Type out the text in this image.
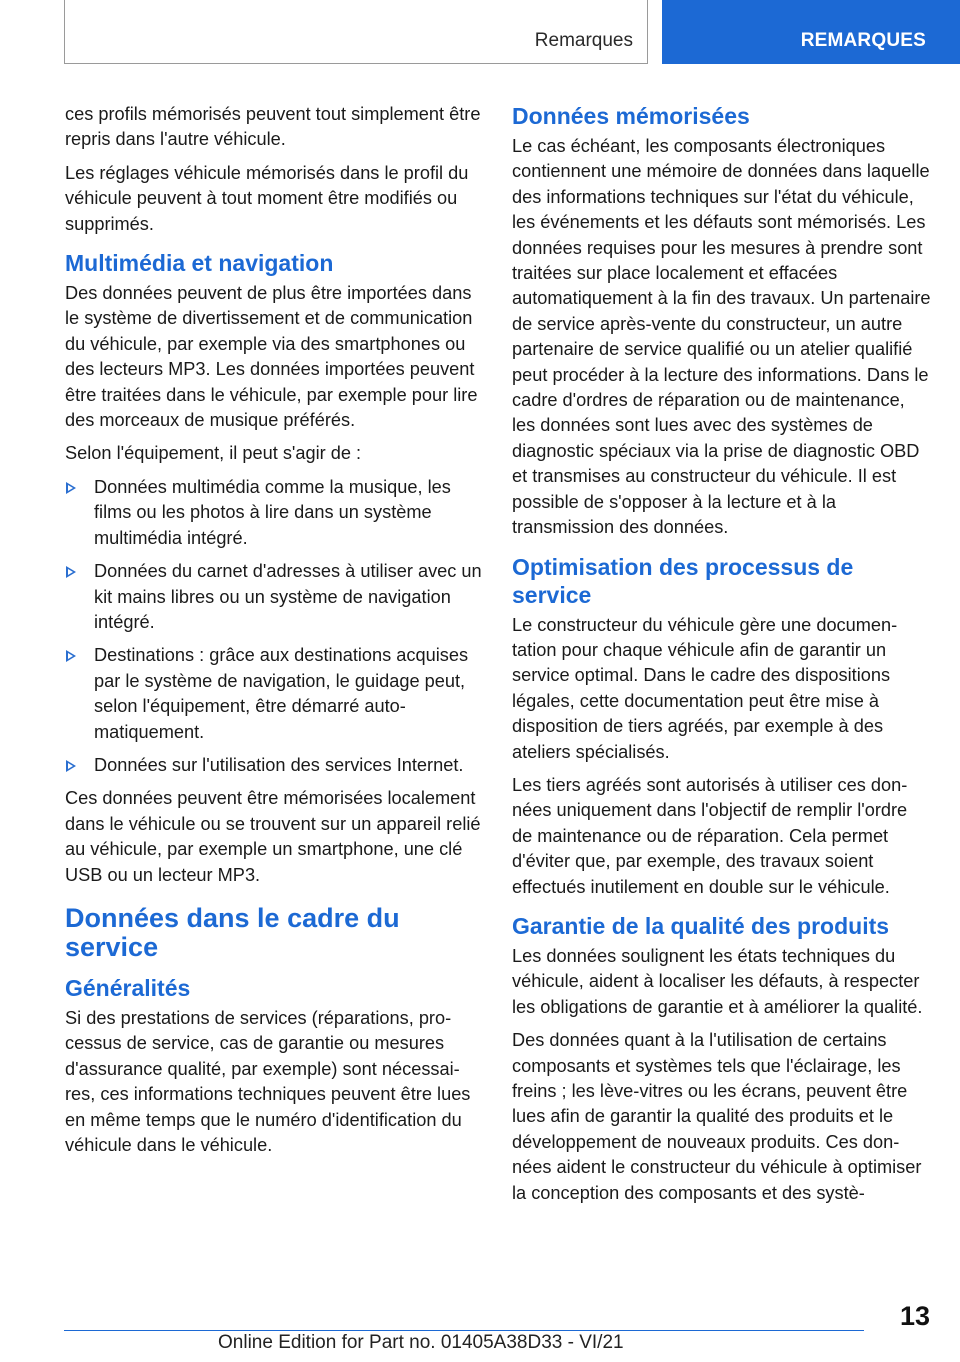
Remarques	REMARQUES

ces profils mémorisés peuvent tout simplement être repris dans l'autre véhicule.

Les réglages véhicule mémorisés dans le profil du véhicule peuvent à tout moment être modifiés ou supprimés.

Multimédia et navigation

Des données peuvent de plus être importées dans le système de divertissement et de communication du véhicule, par exemple via des smartphones ou des lecteurs MP3. Les données importées peuvent être traitées dans le véhicule, par exemple pour lire des morceaux de musique préférés.

Selon l'équipement, il peut s'agir de :

Données multimédia comme la musique, les films ou les photos à lire dans un système multimédia intégré.
Données du carnet d'adresses à utiliser avec un kit mains libres ou un système de navigation intégré.
Destinations : grâce aux destinations acquises par le système de navigation, le guidage peut, selon l'équipement, être démarré automatiquement.
Données sur l'utilisation des services Internet.

Ces données peuvent être mémorisées localement dans le véhicule ou se trouvent sur un appareil relié au véhicule, par exemple un smartphone, une clé USB ou un lecteur MP3.

Données dans le cadre du service
Généralités

Si des prestations de services (réparations, processus de service, cas de garantie ou mesures d'assurance qualité, par exemple) sont nécessaires, ces informations techniques peuvent être lues en même temps que le numéro d'identification du véhicule dans le véhicule.

Données mémorisées

Le cas échéant, les composants électroniques contiennent une mémoire de données dans laquelle des informations techniques sur l'état du véhicule, les événements et les défauts sont mémorisés. Les données requises pour les mesures à prendre sont traitées sur place localement et effacées automatiquement à la fin des travaux. Un partenaire de service après-vente du constructeur, un autre partenaire de service qualifié ou un atelier qualifié peut procéder à la lecture des informations. Dans le cadre d'ordres de réparation ou de maintenance, les données sont lues avec des systèmes de diagnostic spéciaux via la prise de diagnostic OBD et transmises au constructeur du véhicule. Il est possible de s'opposer à la lecture et à la transmission des données.

Optimisation des processus de service

Le constructeur du véhicule gère une documentation pour chaque véhicule afin de garantir un service optimal. Dans le cadre des dispositions légales, cette documentation peut être mise à disposition de tiers agréés, par exemple à des ateliers spécialisés.

Les tiers agréés sont autorisés à utiliser ces données uniquement dans l'objectif de remplir l'ordre de maintenance ou de réparation. Cela permet d'éviter que, par exemple, des travaux soient effectués inutilement en double sur le véhicule.

Garantie de la qualité des produits

Les données soulignent les états techniques du véhicule, aident à localiser les défauts, à respecter les obligations de garantie et à améliorer la qualité.

Des données quant à la l'utilisation de certains composants et systèmes tels que l'éclairage, les freins ; les lève-vitres ou les écrans, peuvent être lues afin de garantir la qualité des produits et le développement de nouveaux produits. Ces données aident le constructeur du véhicule à optimiser la conception des composants et des systè-

13
Online Edition for Part no. 01405A38D33 - VI/21
